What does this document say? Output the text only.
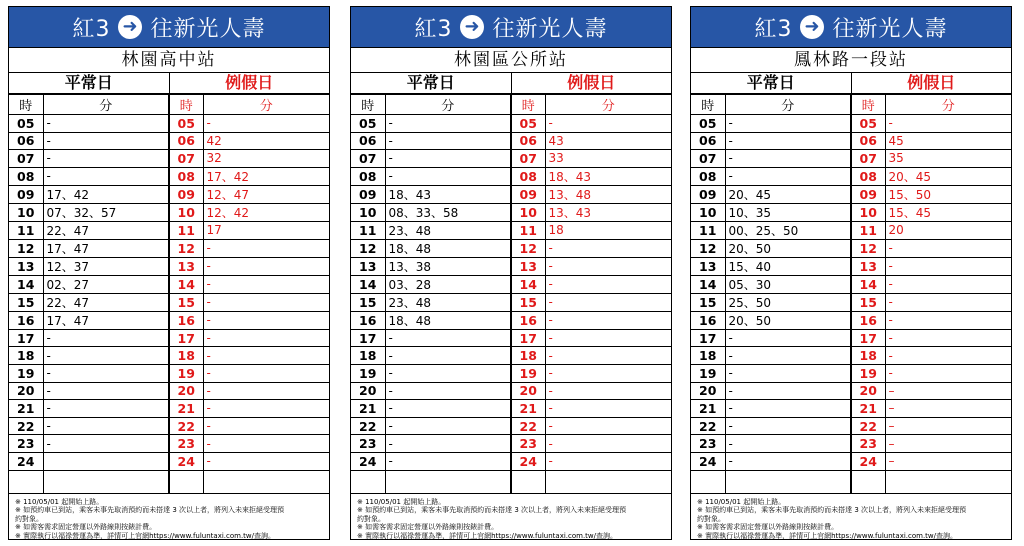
紅3 ➜ 往新光人壽
林園高中站
平常日	例假日
時	分	時	分
05	-	05	-
06	-	06	42
07	-	07	32
08	-	08	17、42
09	17、42	09	12、47
10	07、32、57	10	12、42
11	22、47	11	17
12	17、47	12	-
13	12、37	13	-
14	02、27	14	-
15	22、47	15	-
16	17、47	16	-
17	-	17	-
18	-	18	-
19	-	19	-
20	-	20	-
21	-	21	-
22	-	22	-
23	-	23	-
24		24	-

※ 110/05/01 起開始上路。
※ 如預約車已到站，乘客未事先取消預約而未搭達 3 次以上者，將列入未來拒絕受理預
約對象。
※ 如需客需求固定營運以外路線則按錶計費。
※ 實際執行以福祿營運為準，詳情可上官網https://www.fuluntaxi.com.tw/查詢。
紅3 ➜ 往新光人壽
林園區公所站
平常日	例假日
時	分	時	分
05	-	05	-
06	-	06	43
07	-	07	33
08	-	08	18、43
09	18、43	09	13、48
10	08、33、58	10	13、43
11	23、48	11	18
12	18、48	12	-
13	13、38	13	-
14	03、28	14	-
15	23、48	15	-
16	18、48	16	-
17	-	17	-
18	-	18	-
19	-	19	-
20	-	20	-
21	-	21	-
22	-	22	-
23	-	23	-
24	-	24	-

※ 110/05/01 起開始上路。
※ 如預約車已到站，乘客未事先取消預約而未搭達 3 次以上者，將列入未來拒絕受理預
約對象。
※ 如需客需求固定營運以外路線則按錶計費。
※ 實際執行以福祿營運為準，詳情可上官網https://www.fuluntaxi.com.tw/查詢。
紅3 ➜ 往新光人壽
鳳林路一段站
平常日	例假日
時	分	時	分
05	-	05	-
06	-	06	45
07	-	07	35
08	-	08	20、45
09	20、45	09	15、50
10	10、35	10	15、45
11	00、25、50	11	20
12	20、50	12	-
13	15、40	13	-
14	05、30	14	-
15	25、50	15	-
16	20、50	16	-
17	-	17	-
18	-	18	-
19	-	19	-
20	-	20	–
21	-	21	–
22	-	22	–
23	-	23	–
24	-	24	–

※ 110/05/01 起開始上路。
※ 如預約車已到站，乘客未事先取消預約而未搭達 3 次以上者，將列入未來拒絕受理預
約對象。
※ 如需客需求固定營運以外路線則按錶計費。
※ 實際執行以福祿營運為準，詳情可上官網https://www.fuluntaxi.com.tw/查詢。
